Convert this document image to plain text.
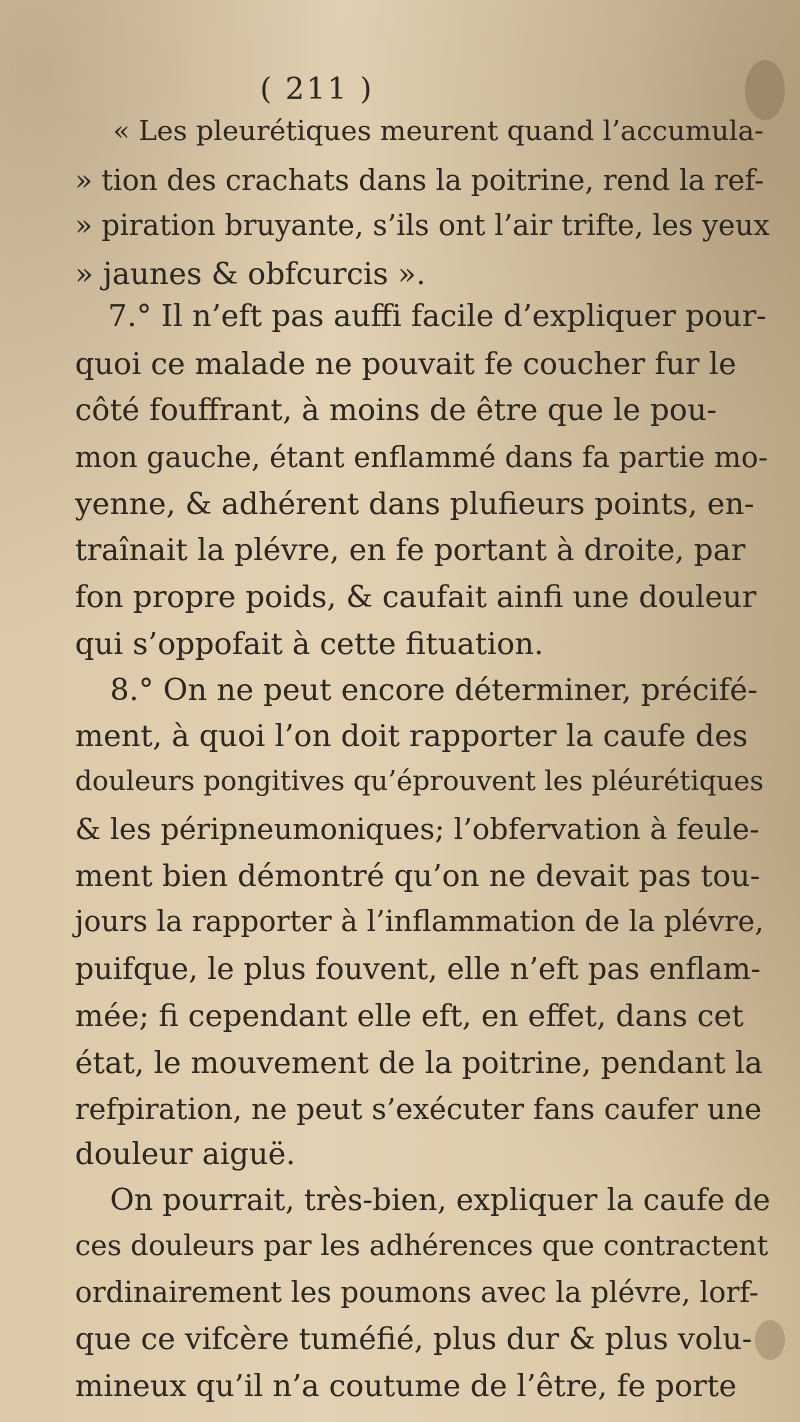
( 211 )
« Les pleurétiques meurent quand l’accumula-
» tion des crachats dans la poitrine, rend la ref-
» piration bruyante, s’ils ont l’air trifte, les yeux
» jaunes & obfcurcis ».
7.° Il n’eft pas auffi facile d’expliquer pour-
quoi ce malade ne pouvait fe coucher fur le
côté fouffrant, à moins de être que le pou-
mon gauche, étant enflammé dans fa partie mo-
yenne, & adhérent dans plufieurs points, en-
traînait la plévre, en fe portant à droite, par
fon propre poids, & caufait ainfi une douleur
qui s’oppofait à cette fituation.
8.° On ne peut encore déterminer, précifé-
ment, à quoi l’on doit rapporter la caufe des
douleurs pongitives qu’éprouvent les pléurétiques
& les péripneumoniques; l’obfervation à feule-
ment bien démontré qu’on ne devait pas tou-
jours la rapporter à l’inflammation de la plévre,
puifque, le plus fouvent, elle n’eft pas enflam-
mée; fi cependant elle eft, en effet, dans cet
état, le mouvement de la poitrine, pendant la
refpiration, ne peut s’exécuter fans caufer une
douleur aiguë.
On pourrait, très-bien, expliquer la caufe de
ces douleurs par les adhérences que contractent
ordinairement les poumons avec la plévre, lorf-
que ce vifcère tuméfié, plus dur & plus volu-
mineux qu’il n’a coutume de l’être, fe porte
